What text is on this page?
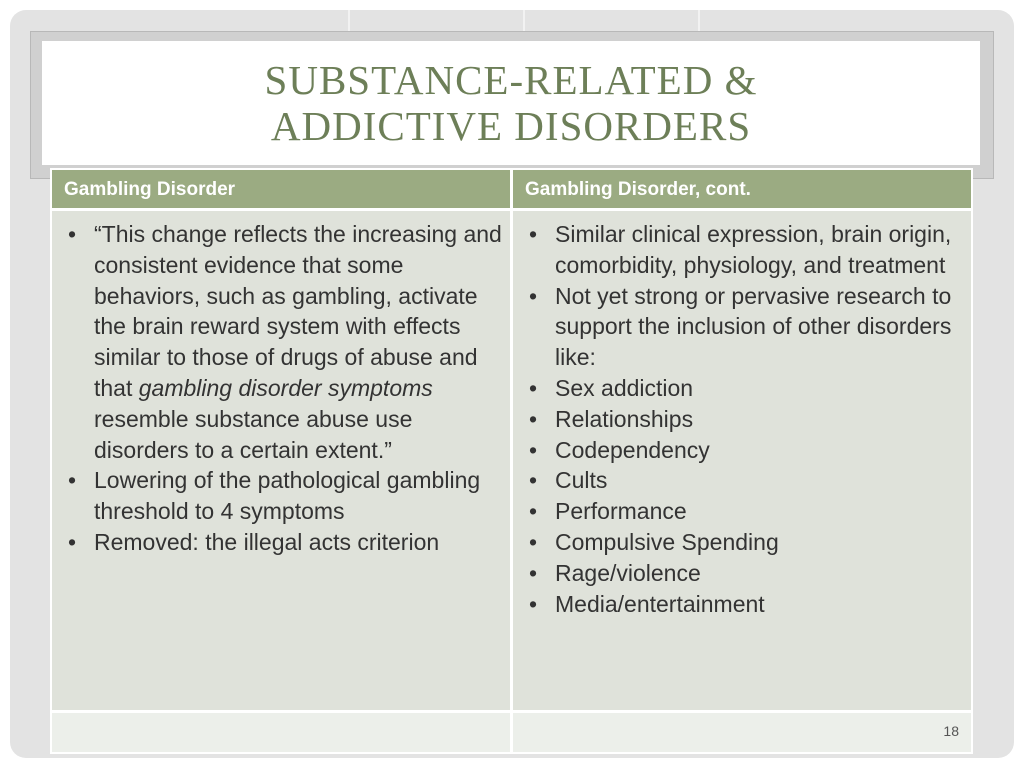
SUBSTANCE-RELATED &
ADDICTIVE DISORDERS
Gambling Disorder	Gambling Disorder, cont.
• “This change reflects the increasing and consistent evidence that some behaviors, such as gambling, activate the brain reward system with effects similar to those of drugs of abuse and that gambling disorder symptoms resemble substance abuse use disorders to a certain extent.”
• Lowering of the pathological gambling threshold to 4 symptoms
• Removed: the illegal acts criterion
• Similar clinical expression, brain origin, comorbidity, physiology, and treatment
• Not yet strong or pervasive research to support the inclusion of other disorders like:
• Sex addiction
• Relationships
• Codependency
• Cults
• Performance
• Compulsive Spending
• Rage/violence
• Media/entertainment
18
